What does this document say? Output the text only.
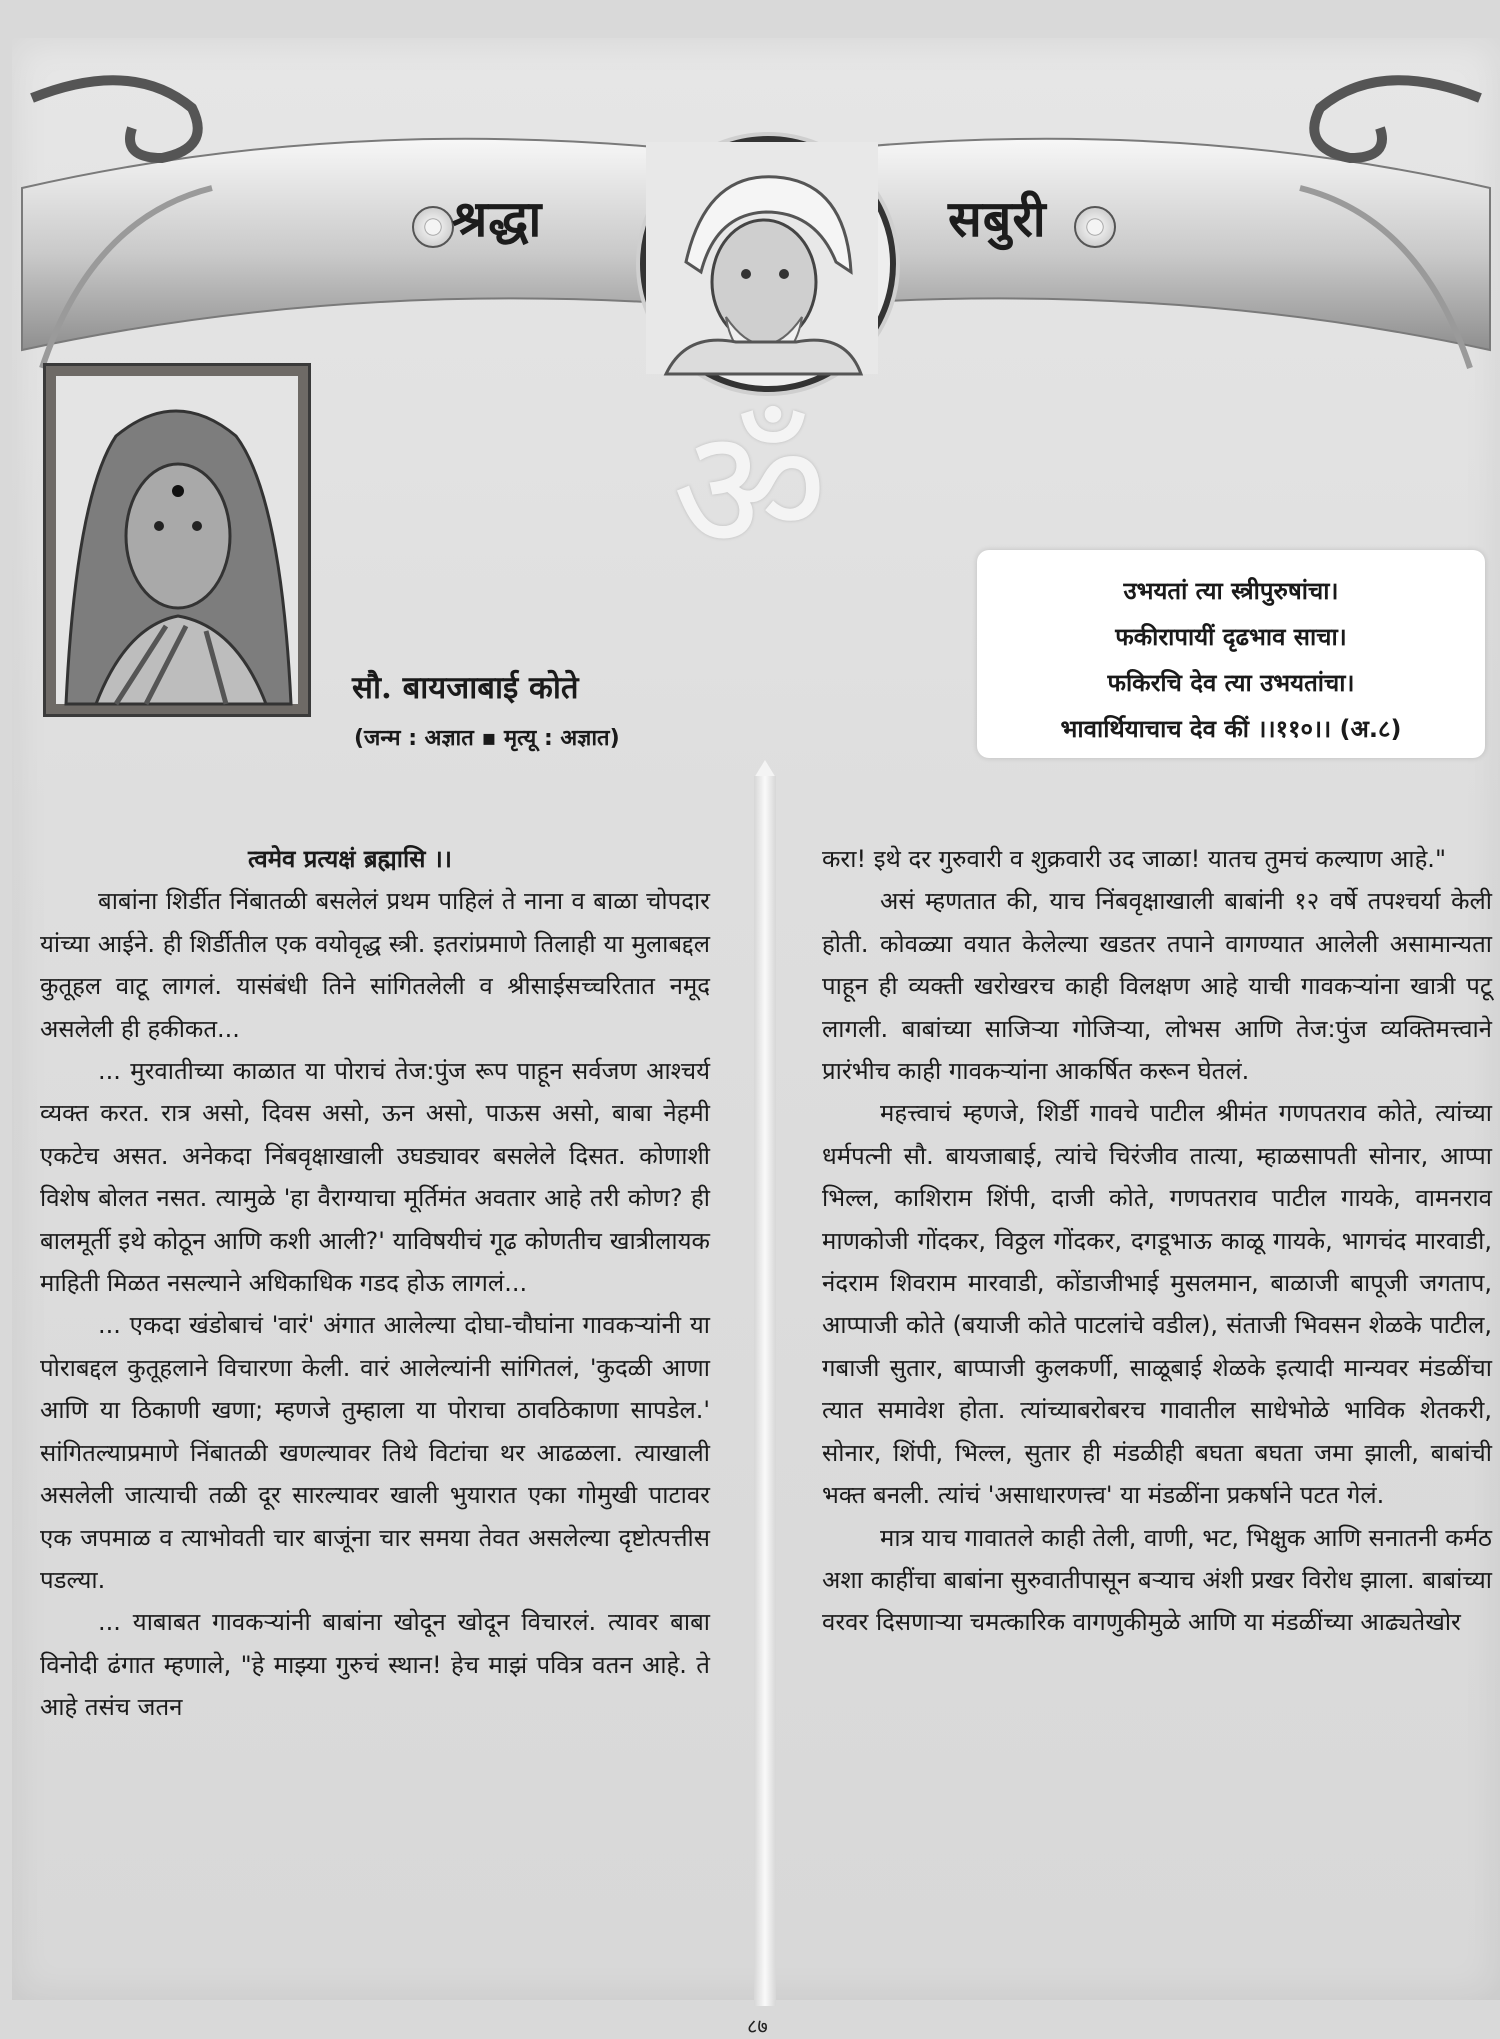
श्रद्धा	सबुरी
ॐ
सौ. बायजाबाई कोते
(जन्म : अज्ञात ▪ मृत्यू : अज्ञात)
उभयतां त्या स्त्रीपुरुषांचा।
फकीरापायीं दृढभाव साचा।
फकिरचि देव त्या उभयतांचा।
भावार्थियाचाच देव कीं ।।११०।। (अ.८)

त्वमेव प्रत्यक्षं ब्रह्मासि ।।

बाबांना शिर्डीत निंबातळी बसलेलं प्रथम पाहिलं ते नाना व बाळा चोपदार यांच्या आईने. ही शिर्डीतील एक वयोवृद्ध स्त्री. इतरांप्रमाणे तिलाही या मुलाबद्दल कुतूहल वाटू लागलं. यासंबंधी तिने सांगितलेली व श्रीसाईसच्चरितात नमूद असलेली ही हकीकत...

... मुरवातीच्या काळात या पोराचं तेज:पुंज रूप पाहून सर्वजण आश्चर्य व्यक्त करत. रात्र असो, दिवस असो, ऊन असो, पाऊस असो, बाबा नेहमी एकटेच असत. अनेकदा निंबवृक्षाखाली उघड्यावर बसलेले दिसत. कोणाशी विशेष बोलत नसत. त्यामुळे 'हा वैराग्याचा मूर्तिमंत अवतार आहे तरी कोण? ही बालमूर्ती इथे कोठून आणि कशी आली?' याविषयीचं गूढ कोणतीच खात्रीलायक माहिती मिळत नसल्याने अधिकाधिक गडद होऊ लागलं...

... एकदा खंडोबाचं 'वारं' अंगात आलेल्या दोघा-चौघांना गावकऱ्यांनी या पोराबद्दल कुतूहलाने विचारणा केली. वारं आलेल्यांनी सांगितलं, 'कुदळी आणा आणि या ठिकाणी खणा; म्हणजे तुम्हाला या पोराचा ठावठिकाणा सापडेल.' सांगितल्याप्रमाणे निंबातळी खणल्यावर तिथे विटांचा थर आढळला. त्याखाली असलेली जात्याची तळी दूर सारल्यावर खाली भुयारात एका गोमुखी पाटावर एक जपमाळ व त्याभोवती चार बाजूंना चार समया तेवत असलेल्या दृष्टोत्पत्तीस पडल्या.

... याबाबत गावकऱ्यांनी बाबांना खोदून खोदून विचारलं. त्यावर बाबा विनोदी ढंगात म्हणाले, "हे माझ्या गुरुचं स्थान! हेच माझं पवित्र वतन आहे. ते आहे तसंच जतन

करा! इथे दर गुरुवारी व शुक्रवारी उद जाळा! यातच तुमचं कल्याण आहे."

असं म्हणतात की, याच निंबवृक्षाखाली बाबांनी १२ वर्षे तपश्चर्या केली होती. कोवळ्या वयात केलेल्या खडतर तपाने वागण्यात आलेली असामान्यता पाहून ही व्यक्ती खरोखरच काही विलक्षण आहे याची गावकऱ्यांना खात्री पटू लागली. बाबांच्या साजिऱ्या गोजिऱ्या, लोभस आणि तेज:पुंज व्यक्तिमत्त्वाने प्रारंभीच काही गावकऱ्यांना आकर्षित करून घेतलं.

महत्त्वाचं म्हणजे, शिर्डी गावचे पाटील श्रीमंत गणपतराव कोते, त्यांच्या धर्मपत्नी सौ. बायजाबाई, त्यांचे चिरंजीव तात्या, म्हाळसापती सोनार, आप्पा भिल्ल, काशिराम शिंपी, दाजी कोते, गणपतराव पाटील गायके, वामनराव माणकोजी गोंदकर, विठ्ठल गोंदकर, दगडूभाऊ काळू गायके, भागचंद मारवाडी, नंदराम शिवराम मारवाडी, कोंडाजीभाई मुसलमान, बाळाजी बापूजी जगताप, आप्पाजी कोते (बयाजी कोते पाटलांचे वडील), संताजी भिवसन शेळके पाटील, गबाजी सुतार, बाप्पाजी कुलकर्णी, साळूबाई शेळके इत्यादी मान्यवर मंडळींचा त्यात समावेश होता. त्यांच्याबरोबरच गावातील साधेभोळे भाविक शेतकरी, सोनार, शिंपी, भिल्ल, सुतार ही मंडळीही बघता बघता जमा झाली, बाबांची भक्त बनली. त्यांचं 'असाधारणत्त्व' या मंडळींना प्रकर्षाने पटत गेलं.

मात्र याच गावातले काही तेली, वाणी, भट, भिक्षुक आणि सनातनी कर्मठ अशा काहींचा बाबांना सुरुवातीपासून बऱ्याच अंशी प्रखर विरोध झाला. बाबांच्या वरवर दिसणाऱ्या चमत्कारिक वागणुकीमुळे आणि या मंडळींच्या आढ्यतेखोर

८७
